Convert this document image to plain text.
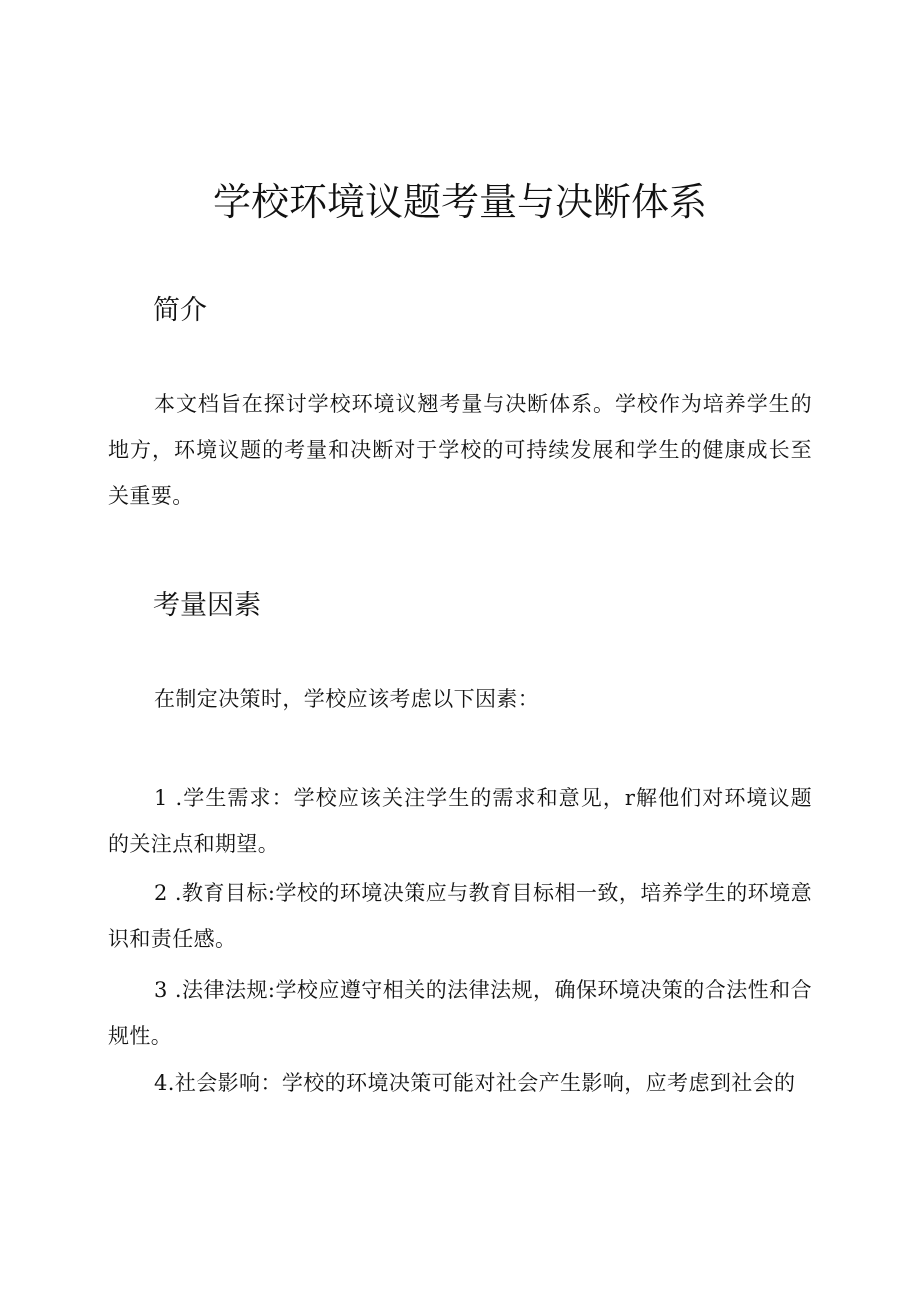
学校环境议题考量与决断体系
简介

本文档旨在探讨学校环境议翘考量与决断体系。学校作为培养学生的地方，环境议题的考量和决断对于学校的可持续发展和学生的健康成长至关重要。

考量因素

在制定决策时，学校应该考虑以下因素：

1 .学生需求：学校应该关注学生的需求和意见，r解他们对环境议题的关注点和期望。

2 .教育目标:学校的环境决策应与教育目标相一致，培养学生的环境意识和责任感。

3 .法律法规:学校应遵守相关的法律法规，确保环境决策的合法性和合规性。

4.社会影响：学校的环境决策可能对社会产生影响，应考虑到社会的
